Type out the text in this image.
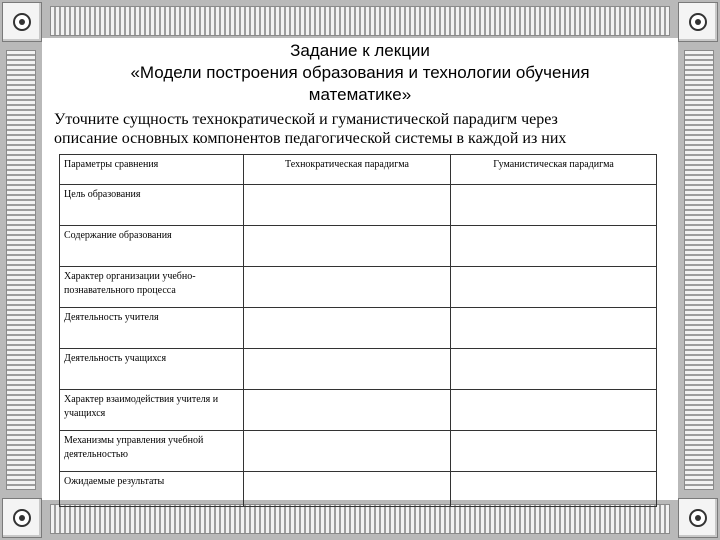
Задание к лекции
«Модели построения образования и технологии обучения
математике»
Уточните сущность технократической и гуманистической парадигм через
описание основных компонентов педагогической системы в каждой из них
Параметры сравнения	Технократическая парадигма	Гуманистическая парадигма
Цель образования		
Содержание образования		
Характер организации учебно-познавательного процесса		
Деятельность учителя		
Деятельность учащихся		
Характер взаимодействия учителя и учащихся		
Механизмы управления учебной деятельностью		
Ожидаемые результаты		
